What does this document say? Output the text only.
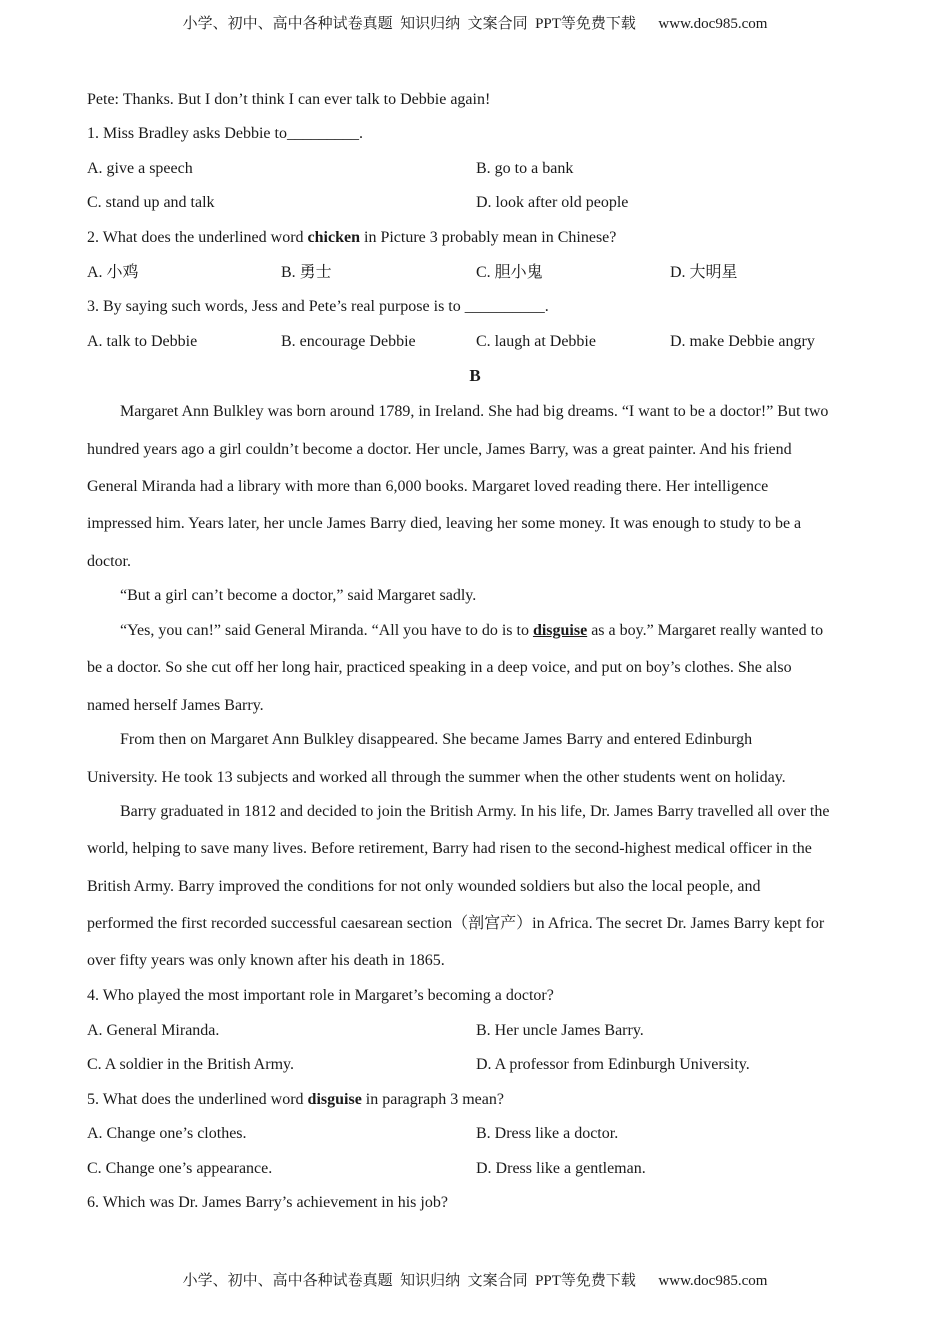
小学、初中、高中各种试卷真题  知识归纳  文案合同  PPT等免费下载      www.doc985.com
Pete: Thanks. But I don’t think I can ever talk to Debbie again!
1. Miss Bradley asks Debbie to_________.
A. give a speech	B. go to a bank
C. stand up and talk	D. look after old people
2. What does the underlined word chicken in Picture 3 probably mean in Chinese?
A. 小鸡	B. 勇士	C. 胆小鬼	D. 大明星
3. By saying such words, Jess and Pete’s real purpose is to __________.
A. talk to Debbie	B. encourage Debbie	C. laugh at Debbie	D. make Debbie angry
B
Margaret Ann Bulkley was born around 1789, in Ireland. She had big dreams. “I want to be a doctor!” But two
hundred years ago a girl couldn’t become a doctor. Her uncle, James Barry, was a great painter. And his friend
General Miranda had a library with more than 6,000 books. Margaret loved reading there. Her intelligence
impressed him. Years later, her uncle James Barry died, leaving her some money. It was enough to study to be a
doctor.
“But a girl can’t become a doctor,” said Margaret sadly.
“Yes, you can!” said General Miranda. “All you have to do is to disguise as a boy.” Margaret really wanted to
be a doctor. So she cut off her long hair, practiced speaking in a deep voice, and put on boy’s clothes. She also
named herself James Barry.
From then on Margaret Ann Bulkley disappeared. She became James Barry and entered Edinburgh
University. He took 13 subjects and worked all through the summer when the other students went on holiday.
Barry graduated in 1812 and decided to join the British Army. In his life, Dr. James Barry travelled all over the
world, helping to save many lives. Before retirement, Barry had risen to the second-highest medical officer in the
British Army. Barry improved the conditions for not only wounded soldiers but also the local people, and
performed the first recorded successful caesarean section（剖宫产）in Africa. The secret Dr. James Barry kept for
over fifty years was only known after his death in 1865.
4. Who played the most important role in Margaret’s becoming a doctor?
A. General Miranda.	B. Her uncle James Barry.
C. A soldier in the British Army.	D. A professor from Edinburgh University.
5. What does the underlined word disguise in paragraph 3 mean?
A. Change one’s clothes.	B. Dress like a doctor.
C. Change one’s appearance.	D. Dress like a gentleman.
6. Which was Dr. James Barry’s achievement in his job?
小学、初中、高中各种试卷真题  知识归纳  文案合同  PPT等免费下载      www.doc985.com
